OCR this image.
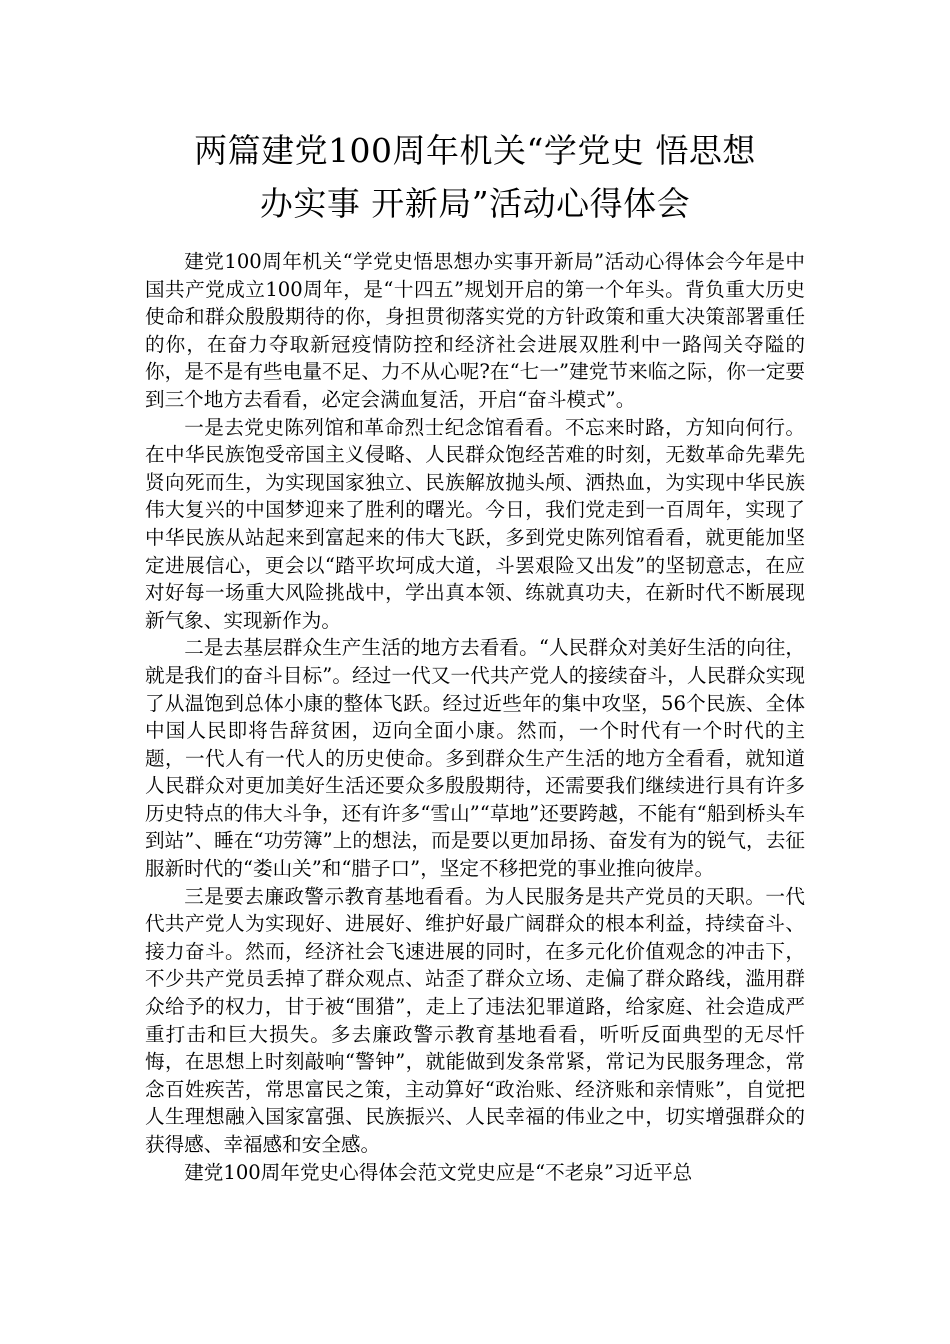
两篇建党100周年机关“学党史 悟思想
办实事 开新局”活动心得体会

建党100周年机关“学党史悟思想办实事开新局”活动心得体会今年是中国共产党成立100周年，是“十四五”规划开启的第一个年头。背负重大历史使命和群众殷殷期待的你，身担贯彻落实党的方针政策和重大决策部署重任的你，在奋力夺取新冠疫情防控和经济社会进展双胜利中一路闯关夺隘的你，是不是有些电量不足、力不从心呢?在“七一”建党节来临之际，你一定要到三个地方去看看，必定会满血复活，开启“奋斗模式”。

一是去党史陈列馆和革命烈士纪念馆看看。不忘来时路，方知向何行。在中华民族饱受帝国主义侵略、人民群众饱经苦难的时刻，无数革命先辈先贤向死而生，为实现国家独立、民族解放抛头颅、洒热血，为实现中华民族伟大复兴的中国梦迎来了胜利的曙光。今日，我们党走到一百周年，实现了中华民族从站起来到富起来的伟大飞跃，多到党史陈列馆看看，就更能加坚定进展信心，更会以“踏平坎坷成大道，斗罢艰险又出发”的坚韧意志，在应对好每一场重大风险挑战中，学出真本领、练就真功夫，在新时代不断展现新气象、实现新作为。

二是去基层群众生产生活的地方去看看。“人民群众对美好生活的向往，就是我们的奋斗目标”。经过一代又一代共产党人的接续奋斗，人民群众实现了从温饱到总体小康的整体飞跃。经过近些年的集中攻坚，56个民族、全体中国人民即将告辞贫困，迈向全面小康。然而，一个时代有一个时代的主题，一代人有一代人的历史使命。多到群众生产生活的地方全看看，就知道人民群众对更加美好生活还要众多殷殷期待，还需要我们继续进行具有许多历史特点的伟大斗争，还有许多“雪山”“草地”还要跨越，不能有“船到桥头车到站”、睡在“功劳簿”上的想法，而是要以更加昂扬、奋发有为的锐气，去征服新时代的“娄山关”和“腊子口”，坚定不移把党的事业推向彼岸。

三是要去廉政警示教育基地看看。为人民服务是共产党员的天职。一代代共产党人为实现好、进展好、维护好最广阔群众的根本利益，持续奋斗、接力奋斗。然而，经济社会飞速进展的同时，在多元化价值观念的冲击下，不少共产党员丢掉了群众观点、站歪了群众立场、走偏了群众路线，滥用群众给予的权力，甘于被“围猎”，走上了违法犯罪道路，给家庭、社会造成严重打击和巨大损失。多去廉政警示教育基地看看，听听反面典型的无尽忏悔，在思想上时刻敲响“警钟”，就能做到发条常紧，常记为民服务理念，常念百姓疾苦，常思富民之策，主动算好“政治账、经济账和亲情账”，自觉把人生理想融入国家富强、民族振兴、人民幸福的伟业之中，切实增强群众的获得感、幸福感和安全感。

建党100周年党史心得体会范文党史应是“不老泉”习近平总
